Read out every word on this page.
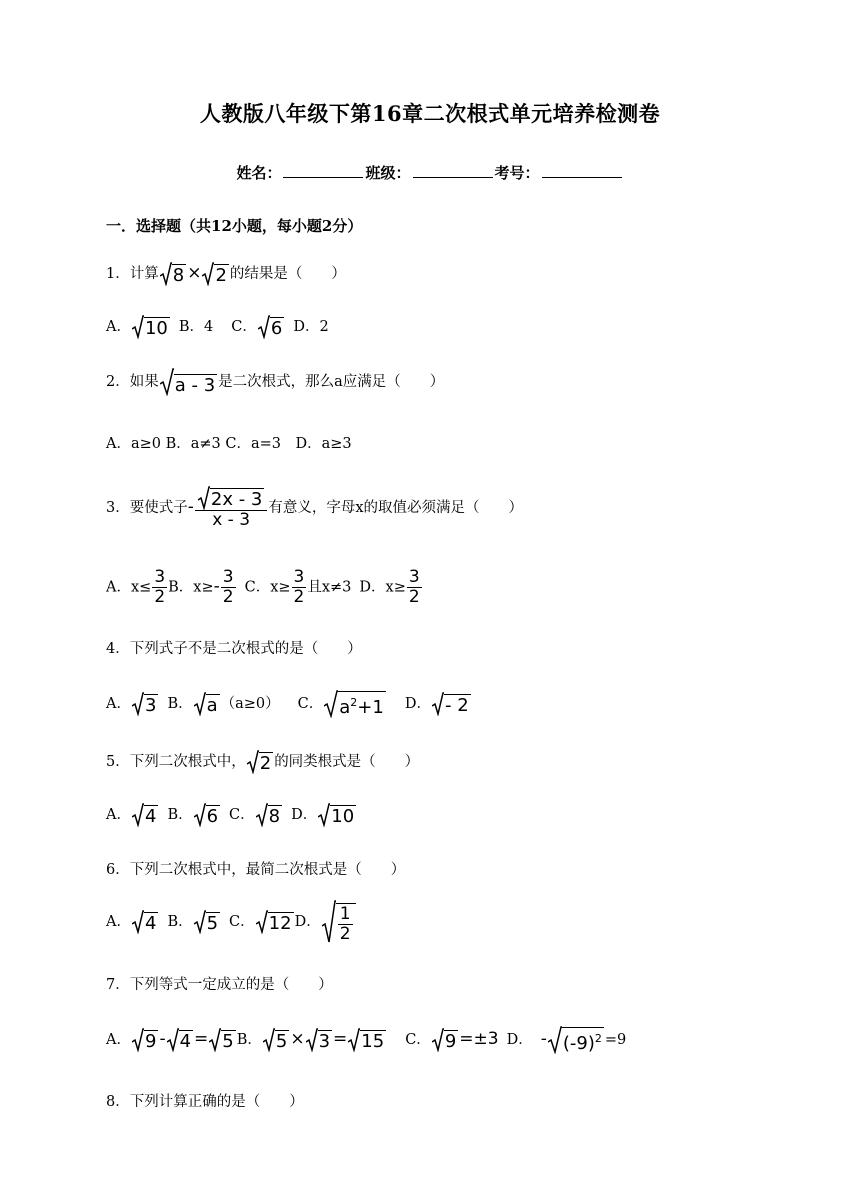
人教版八年级下第16章二次根式单元培养检测卷
姓名：	班级：	考号：
一．选择题（共12小题，每小题2分）
1．计算 8 × 2 的结果是（　　）
A． 10 B．4 C． 6 D．2
2．如果 a - 3 是二次根式，那么a应满足（　　）
A．a≥0 B．a≠3 C．a=3　D．a≥3
3．要使式子- $\frac{2x - 3}{x - 3}$ 有意义，字母x的取值必须满足（　　）
A．$x\le \frac{3}{2}$ B．$x\ge- \frac{3}{2}$ C．$x\ge \frac{3}{2}$ 且x≠3 D．$x\ge \frac{3}{2}$
4．下列式子不是二次根式的是（　　）
A． 3 B． a （a≥0） C． $a^2+1$ D． - 2
5．下列二次根式中， 2 的同类根式是（　　）
A． 4 B． 6 C． 8 D． 10
6．下列二次根式中，最简二次根式是（　　）
A． 4 B． 5 C． 12 D． $\frac{1}{2}$
7．下列等式一定成立的是（　　）
A． 9 - 4 = 5 B． 5 × 3 = 15 C． 9 =±3 D． - $(-9)^2 =9$
8．下列计算正确的是（　　）
